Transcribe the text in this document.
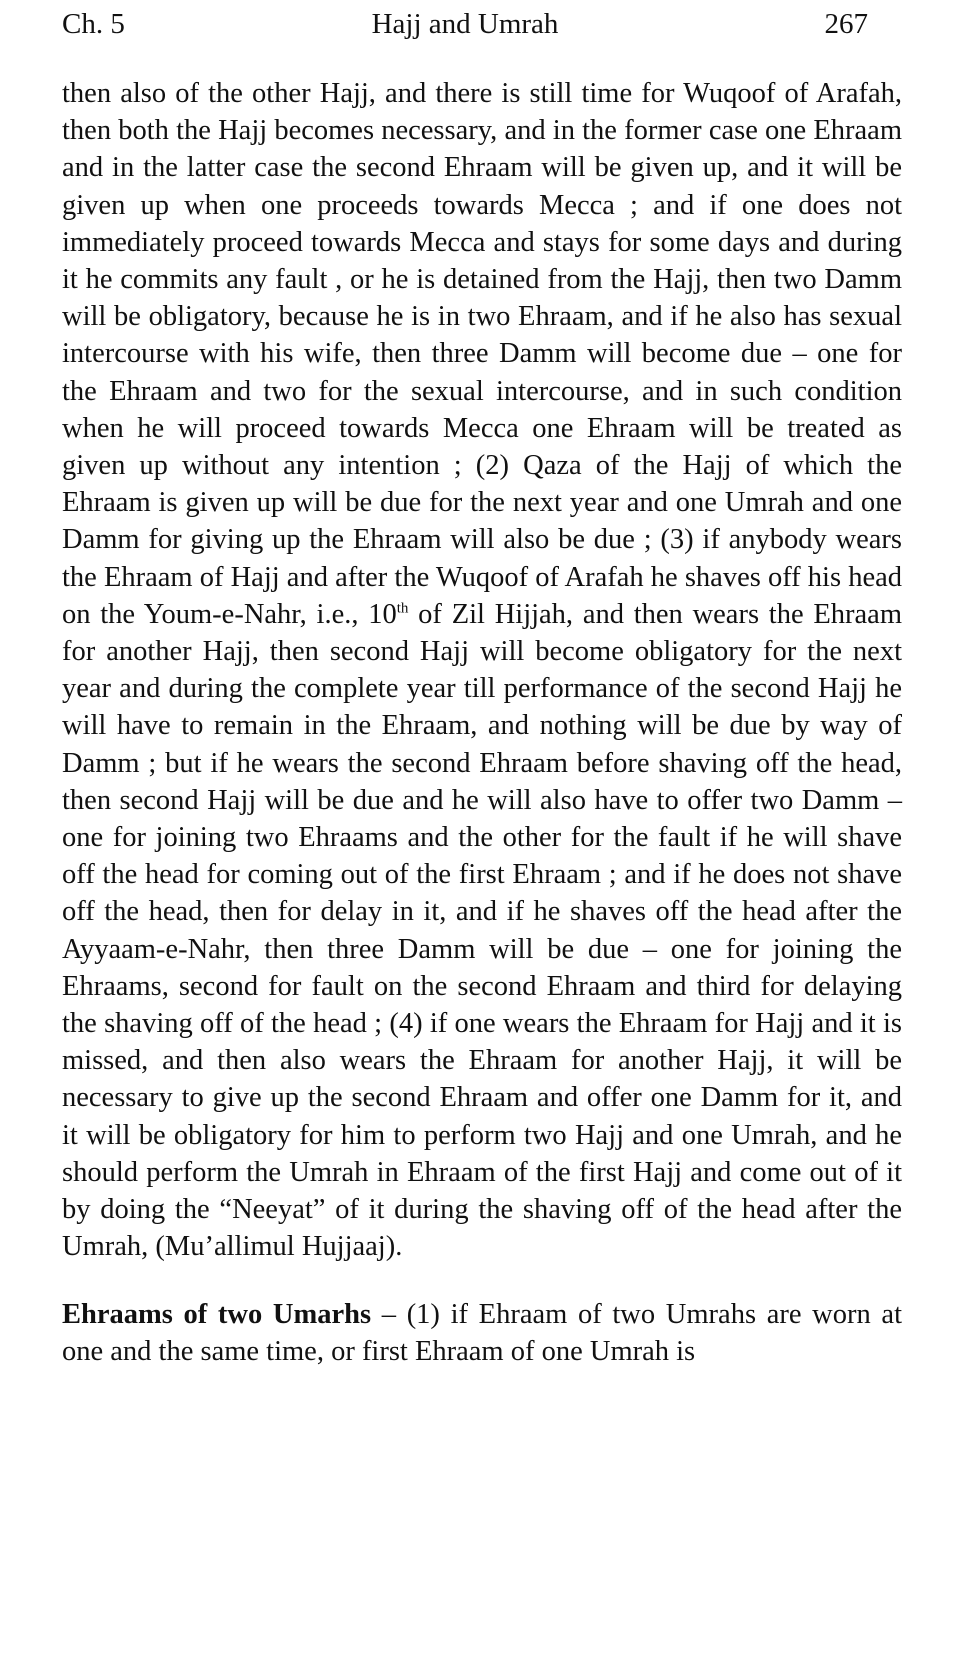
Ch. 5	Hajj and Umrah	267

then also of the other Hajj, and there is still time for Wuqoof of Arafah, then both the Hajj becomes necessary, and in the former case one Ehraam and in the latter case the second Ehraam will be given up, and it will be given up when one proceeds towards Mecca ; and if one does not immediately proceed towards Mecca and stays for some days and during it he commits any fault , or he is detained from the Hajj, then two Damm will be obligatory, because he is in two Ehraam, and if he also has sexual intercourse with his wife, then three Damm will become due – one for the Ehraam and two for the sexual intercourse, and in such condition when he will proceed towards Mecca one Ehraam will be treated as given up without any intention ; (2) Qaza of the Hajj of which the Ehraam is given up will be due for the next year and one Umrah and one Damm for giving up the Ehraam will also be due ; (3) if anybody wears the Ehraam of Hajj and after the Wuqoof of Arafah he shaves off his head on the Youm-e-Nahr, i.e., 10th of Zil Hijjah, and then wears the Ehraam for another Hajj, then second Hajj will become obligatory for the next year and during the complete year till performance of the second Hajj he will have to remain in the Ehraam, and nothing will be due by way of Damm ; but if he wears the second Ehraam before shaving off the head, then second Hajj will be due and he will also have to offer two Damm – one for joining two Ehraams and the other for the fault if he will shave off the head for coming out of the first Ehraam ; and if he does not shave off the head, then for delay in it, and if he shaves off the head after the Ayyaam-e-Nahr, then three Damm will be due – one for joining the Ehraams, second for fault on the second Ehraam and third for delaying the shaving off of the head ; (4) if one wears the Ehraam for Hajj and it is missed, and then also wears the Ehraam for another Hajj, it will be necessary to give up the second Ehraam and offer one Damm for it, and it will be obligatory for him to perform two Hajj and one Umrah, and he should perform the Umrah in Ehraam of the first Hajj and come out of it by doing the “Neeyat” of it during the shaving off of the head after the Umrah, (Mu’allimul Hujjaaj).

Ehraams of two Umarhs – (1) if Ehraam of two Umrahs are worn at one and the same time, or first Ehraam of one Umrah is
